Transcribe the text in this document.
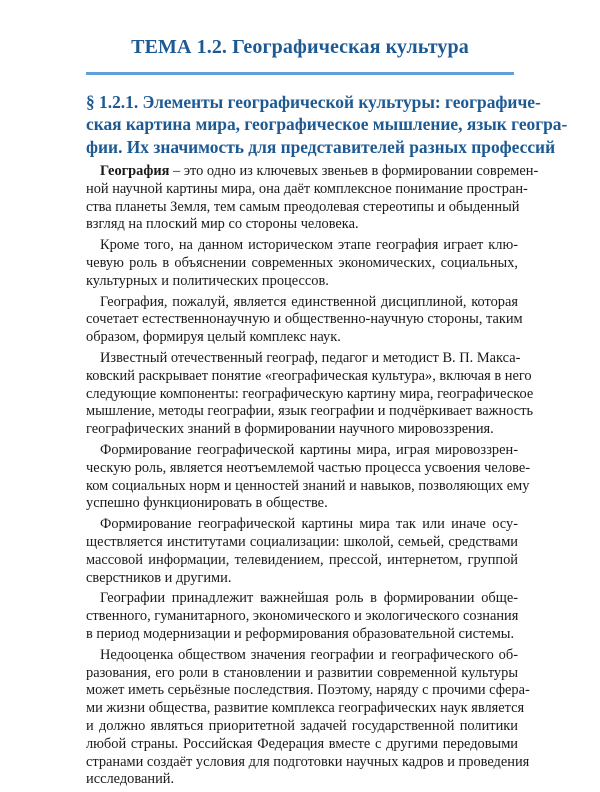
ТЕМА 1.2. Географическая культура
§ 1.2.1. Элементы географической культуры: географиче-
ская картина мира, географическое мышление, язык геогра-
фии. Их значимость для представителей разных профессий
География – это одно из ключевых звеньев в формировании современ-
ной научной картины мира, она даёт комплексное понимание простран-
ства планеты Земля, тем самым преодолевая стереотипы и обыденный
взгляд на плоский мир со стороны человека.
Кроме того, на данном историческом этапе география играет клю-
чевую роль в объяснении современных экономических, социальных,
культурных и политических процессов.
География, пожалуй, является единственной дисциплиной, которая
сочетает естественнонаучную и общественно-научную стороны, таким
образом, формируя целый комплекс наук.
Известный отечественный географ, педагог и методист В. П. Макса-
ковский раскрывает понятие «географическая культура», включая в него
следующие компоненты: географическую картину мира, географическое
мышление, методы географии, язык географии и подчёркивает важность
географических знаний в формировании научного мировоззрения.
Формирование географической картины мира, играя мировоззрен-
ческую роль, является неотъемлемой частью процесса усвоения челове-
ком социальных норм и ценностей знаний и навыков, позволяющих ему
успешно функционировать в обществе.
Формирование географической картины мира так или иначе осу-
ществляется институтами социализации: школой, семьей, средствами
массовой информации, телевидением, прессой, интернетом, группой
сверстников и другими.
Географии принадлежит важнейшая роль в формировании обще-
ственного, гуманитарного, экономического и экологического сознания
в период модернизации и реформирования образовательной системы.
Недооценка обществом значения географии и географического об-
разования, его роли в становлении и развитии современной культуры
может иметь серьёзные последствия. Поэтому, наряду с прочими сфера-
ми жизни общества, развитие комплекса географических наук является
и должно являться приоритетной задачей государственной политики
любой страны. Российская Федерация вместе с другими передовыми
странами создаёт условия для подготовки научных кадров и проведения
исследований.
